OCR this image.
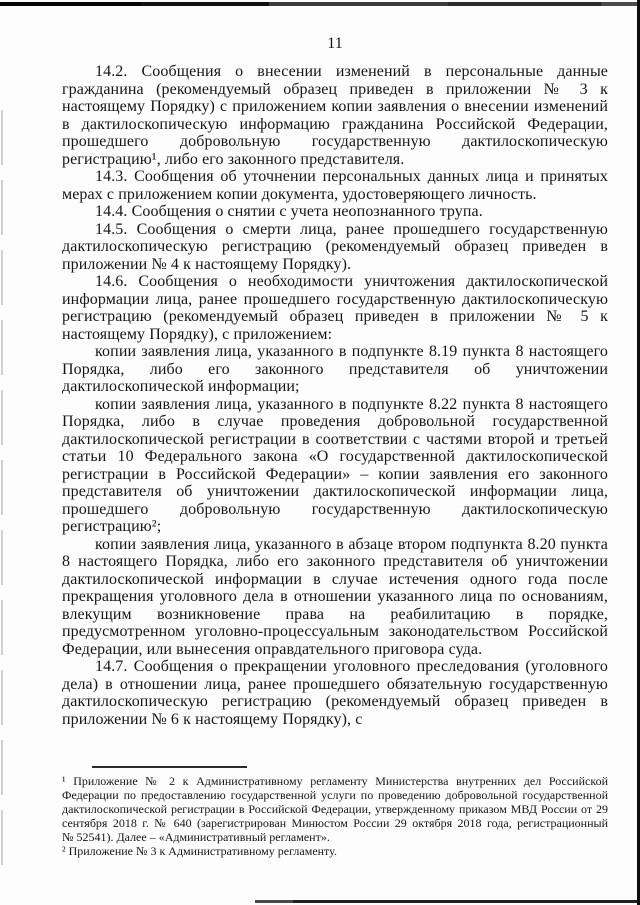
11

14.2. Сообщения о внесении изменений в персональные данные гражданина (рекомендуемый образец приведен в приложении № 3 к настоящему Порядку) с приложением копии заявления о внесении изменений в дактилоскопическую информацию гражданина Российской Федерации, прошедшего добровольную государственную дактилоскопическую регистрацию¹, либо его законного представителя.

14.3. Сообщения об уточнении персональных данных лица и принятых мерах с приложением копии документа, удостоверяющего личность.

14.4. Сообщения о снятии с учета неопознанного трупа.

14.5. Сообщения о смерти лица, ранее прошедшего государственную дактилоскопическую регистрацию (рекомендуемый образец приведен в приложении № 4 к настоящему Порядку).

14.6. Сообщения о необходимости уничтожения дактилоскопической информации лица, ранее прошедшего государственную дактилоскопическую регистрацию (рекомендуемый образец приведен в приложении № 5 к настоящему Порядку), с приложением:

копии заявления лица, указанного в подпункте 8.19 пункта 8 настоящего Порядка, либо его законного представителя об уничтожении дактилоскопической информации;

копии заявления лица, указанного в подпункте 8.22 пункта 8 настоящего Порядка, либо в случае проведения добровольной государственной дактилоскопической регистрации в соответствии с частями второй и третьей статьи 10 Федерального закона «О государственной дактилоскопической регистрации в Российской Федерации» – копии заявления его законного представителя об уничтожении дактилоскопической информации лица, прошедшего добровольную государственную дактилоскопическую регистрацию²;

копии заявления лица, указанного в абзаце втором подпункта 8.20 пункта 8 настоящего Порядка, либо его законного представителя об уничтожении дактилоскопической информации в случае истечения одного года после прекращения уголовного дела в отношении указанного лица по основаниям, влекущим возникновение права на реабилитацию в порядке, предусмотренном уголовно-процессуальным законодательством Российской Федерации, или вынесения оправдательного приговора суда.

14.7. Сообщения о прекращении уголовного преследования (уголовного дела) в отношении лица, ранее прошедшего обязательную государственную дактилоскопическую регистрацию (рекомендуемый образец приведен в приложении № 6 к настоящему Порядку), с

¹ Приложение № 2 к Административному регламенту Министерства внутренних дел Российской Федерации по предоставлению государственной услуги по проведению добровольной государственной дактилоскопической регистрации в Российской Федерации, утвержденному приказом МВД России от 29 сентября 2018 г. № 640 (зарегистрирован Минюстом России 29 октября 2018 года, регистрационный № 52541). Далее – «Административный регламент».

² Приложение № 3 к Административному регламенту.
